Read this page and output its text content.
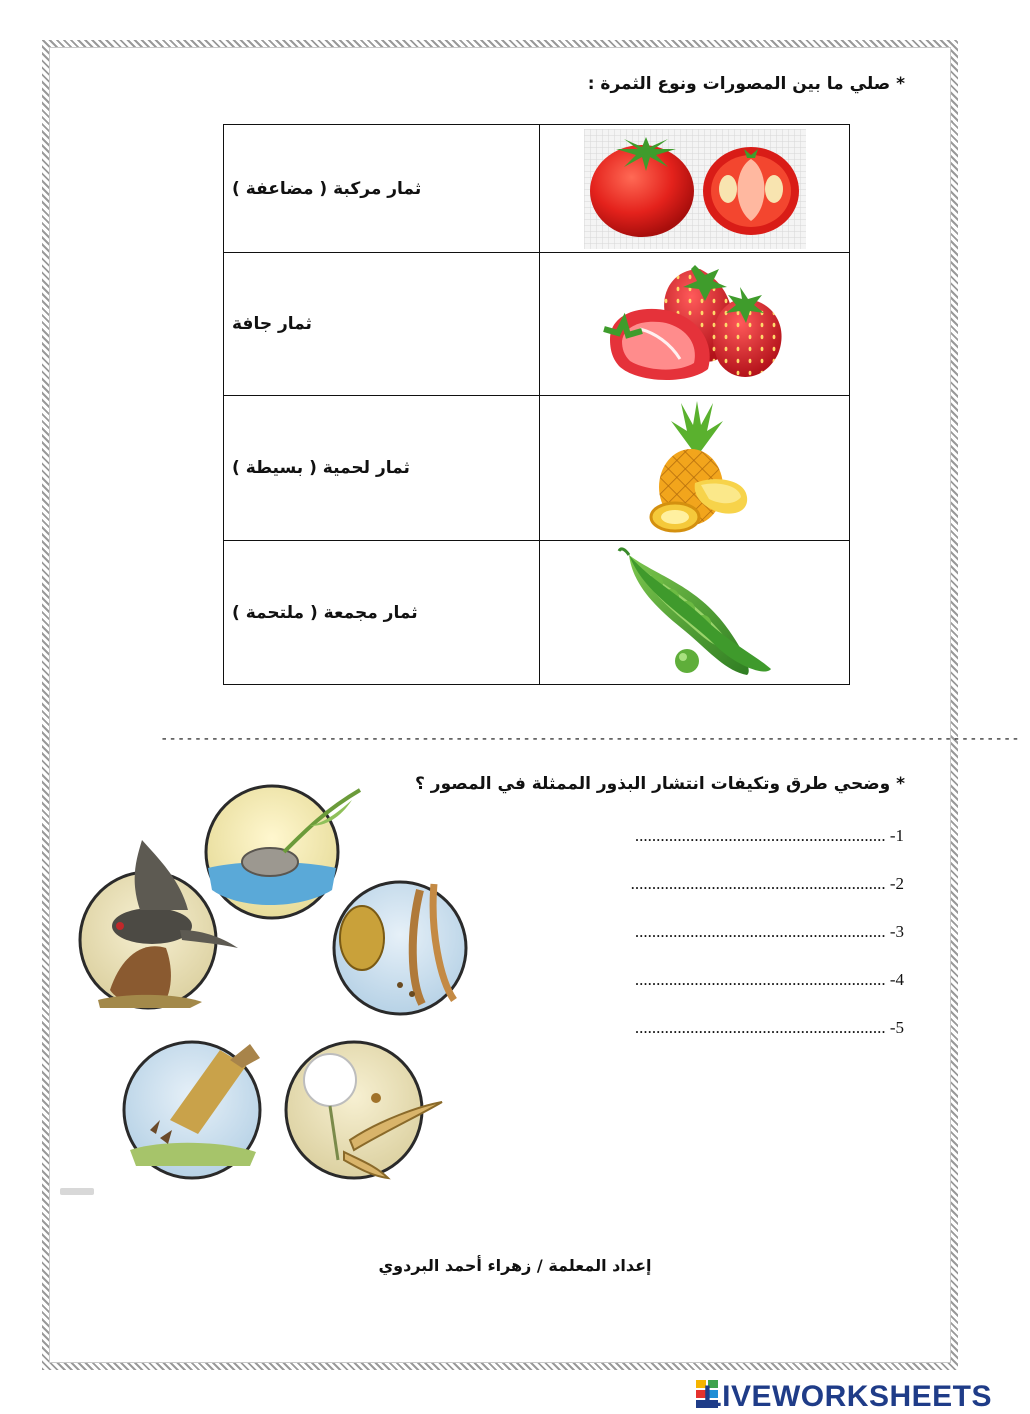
* صلي ما بين المصورات ونوع الثمرة :
ثمار مركبة ( مضاعفة )

ثمار جافة

ثمار لحمية ( بسيطة )

ثمار مجمعة ( ملتحمة )

------------------------------------------------------------------------------------------------------
* وضحي طرق وتكيفات انتشار البذور الممثلة في المصور ؟
........................................................... -1
............................................................ -2
........................................................... -3
........................................................... -4
........................................................... -5
إعداد المعلمة / زهراء أحمد البردوي
LIVEWORKSHEETS
